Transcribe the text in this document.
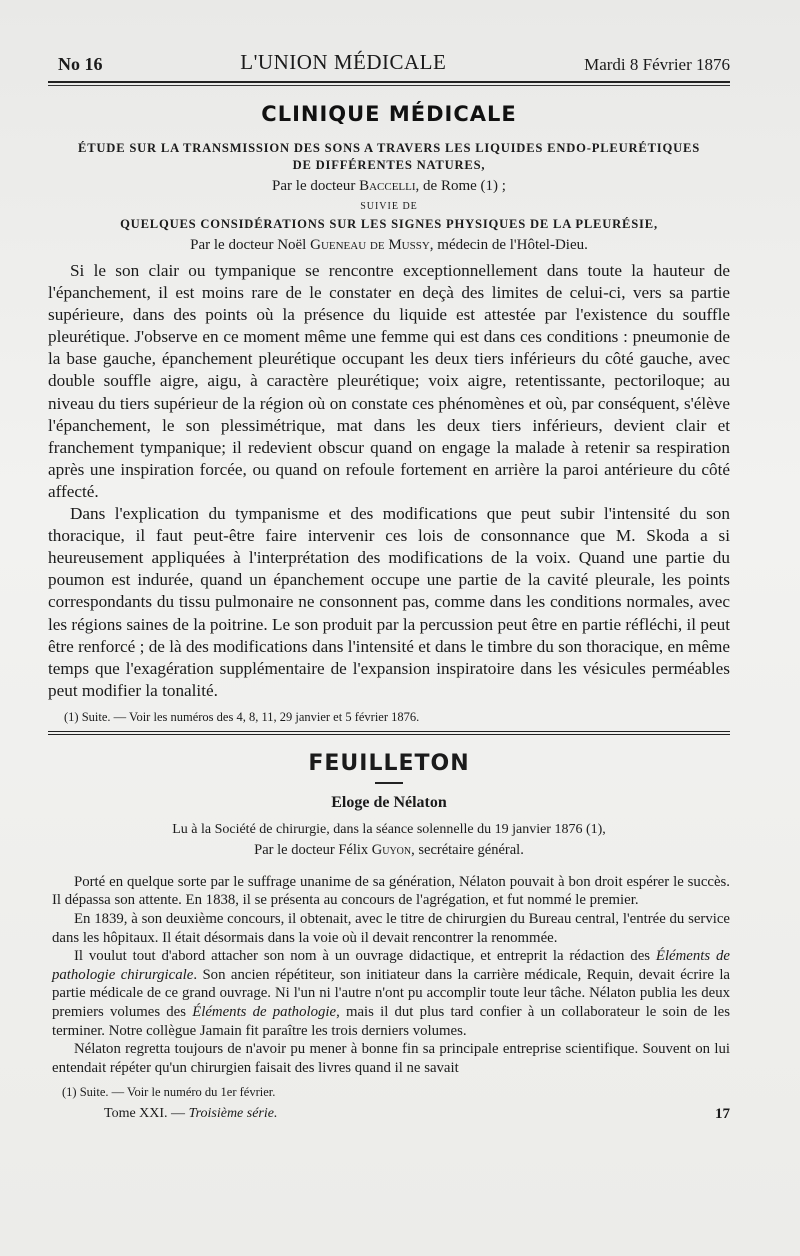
No 16	L'UNION MÉDICALE	Mardi 8 Février 1876
CLINIQUE MÉDICALE
ÉTUDE SUR LA TRANSMISSION DES SONS A TRAVERS LES LIQUIDES ENDO-PLEURÉTIQUES
DE DIFFÉRENTES NATURES,
Par le docteur Baccelli, de Rome (1) ;
SUIVIE DE
QUELQUES CONSIDÉRATIONS SUR LES SIGNES PHYSIQUES DE LA PLEURÉSIE,
Par le docteur Noël Gueneau de Mussy, médecin de l'Hôtel-Dieu.

Si le son clair ou tympanique se rencontre exceptionnellement dans toute la hauteur de l'épanchement, il est moins rare de le constater en deçà des limites de celui-ci, vers sa partie supérieure, dans des points où la présence du liquide est attestée par l'existence du souffle pleurétique. J'observe en ce moment même une femme qui est dans ces conditions : pneumonie de la base gauche, épanchement pleurétique occupant les deux tiers inférieurs du côté gauche, avec double souffle aigre, aigu, à caractère pleurétique; voix aigre, retentissante, pectoriloque; au niveau du tiers supérieur de la région où on constate ces phénomènes et où, par conséquent, s'élève l'épanchement, le son plessimétrique, mat dans les deux tiers inférieurs, devient clair et franchement tympanique; il redevient obscur quand on engage la malade à retenir sa respiration après une inspiration forcée, ou quand on refoule fortement en arrière la paroi antérieure du côté affecté.

Dans l'explication du tympanisme et des modifications que peut subir l'intensité du son thoracique, il faut peut-être faire intervenir ces lois de consonnance que M. Skoda a si heureusement appliquées à l'interprétation des modifications de la voix. Quand une partie du poumon est indurée, quand un épanchement occupe une partie de la cavité pleurale, les points correspondants du tissu pulmonaire ne consonnent pas, comme dans les conditions normales, avec les régions saines de la poitrine. Le son produit par la percussion peut être en partie réfléchi, il peut être renforcé ; de là des modifications dans l'intensité et dans le timbre du son thoracique, en même temps que l'exagération supplémentaire de l'expansion inspiratoire dans les vésicules perméables peut modifier la tonalité.

(1) Suite. — Voir les numéros des 4, 8, 11, 29 janvier et 5 février 1876.
FEUILLETON
Eloge de Nélaton
Lu à la Société de chirurgie, dans la séance solennelle du 19 janvier 1876 (1),
Par le docteur Félix Guyon, secrétaire général.

Porté en quelque sorte par le suffrage unanime de sa génération, Nélaton pouvait à bon droit espérer le succès. Il dépassa son attente. En 1838, il se présenta au concours de l'agrégation, et fut nommé le premier.

En 1839, à son deuxième concours, il obtenait, avec le titre de chirurgien du Bureau central, l'entrée du service dans les hôpitaux. Il était désormais dans la voie où il devait rencontrer la renommée.

Il voulut tout d'abord attacher son nom à un ouvrage didactique, et entreprit la rédaction des Éléments de pathologie chirurgicale. Son ancien répétiteur, son initiateur dans la carrière médicale, Requin, devait écrire la partie médicale de ce grand ouvrage. Ni l'un ni l'autre n'ont pu accomplir toute leur tâche. Nélaton publia les deux premiers volumes des Éléments de pathologie, mais il dut plus tard confier à un collaborateur le soin de les terminer. Notre collègue Jamain fit paraître les trois derniers volumes.

Nélaton regretta toujours de n'avoir pu mener à bonne fin sa principale entreprise scientifique. Souvent on lui entendait répéter qu'un chirurgien faisait des livres quand il ne savait

(1) Suite. — Voir le numéro du 1er février.
Tome XXI. — Troisième série.	17
